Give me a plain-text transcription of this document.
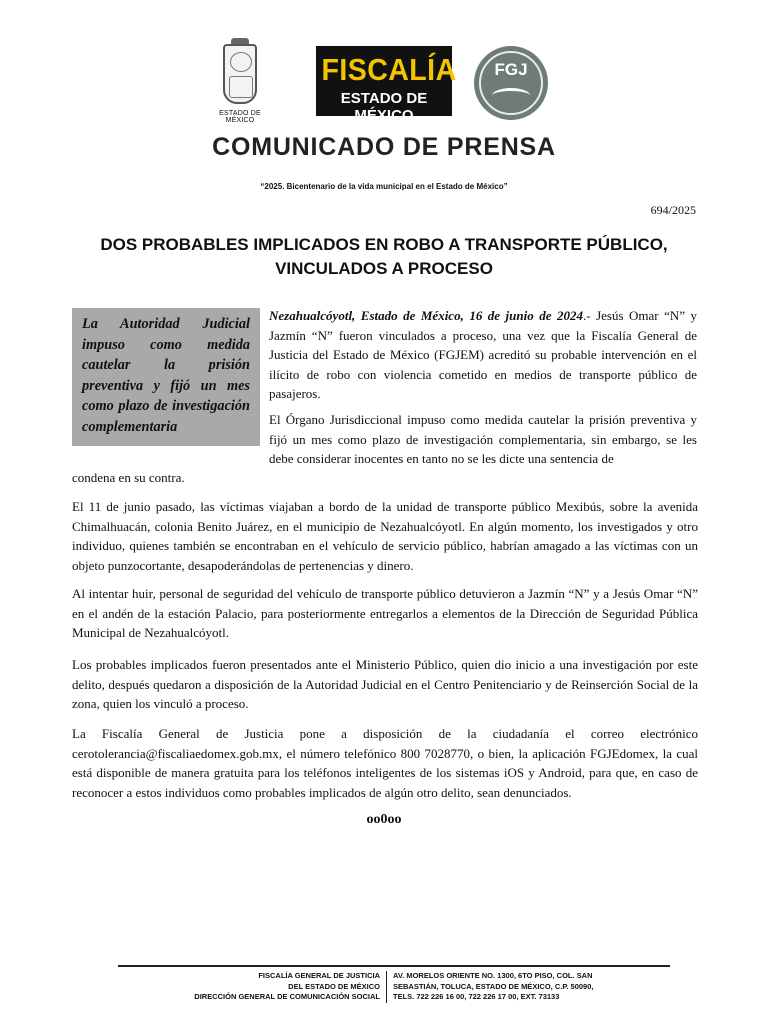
ESTADO DE MÉXICO
FISCALÍA
ESTADO DE MÉXICO
FGJ
COMUNICADO DE PRENSA
“2025. Bicentenario de la vida municipal en el Estado de México”
694/2025
DOS PROBABLES IMPLICADOS EN ROBO A TRANSPORTE PÚBLICO,
VINCULADOS A PROCESO
La Autoridad Judicial impuso como medida cautelar la prisión preventiva y fijó un mes como plazo de investigación complementaria
Nezahualcóyotl, Estado de México, 16 de junio de 2024.- Jesús Omar “N” y Jazmín “N” fueron vinculados a proceso, una vez que la Fiscalía General de Justicia del Estado de México (FGJEM) acreditó su probable intervención en el ilícito de robo con violencia cometido en medios de transporte público de pasajeros.
El Órgano Jurisdiccional impuso como medida cautelar la prisión preventiva y fijó un mes como plazo de investigación complementaria, sin embargo, se les debe considerar inocentes en tanto no se les dicte una sentencia de
condena en su contra.
El 11 de junio pasado, las víctimas viajaban a bordo de la unidad de transporte público Mexibús, sobre la avenida Chimalhuacán, colonia Benito Juárez, en el municipio de Nezahualcóyotl. En algún momento, los investigados y otro individuo, quienes también se encontraban en el vehículo de servicio público, habrían amagado a las víctimas con un objeto punzocortante, desapoderándolas de pertenencias y dinero.
Al intentar huir, personal de seguridad del vehículo de transporte público detuvieron a Jazmín “N” y a Jesús Omar “N” en el andén de la estación Palacio, para posteriormente entregarlos a elementos de la Dirección de Seguridad Pública Municipal de Nezahualcóyotl.
Los probables implicados fueron presentados ante el Ministerio Público, quien dio inicio a una investigación por este delito, después quedaron a disposición de la Autoridad Judicial en el Centro Penitenciario y de Reinserción Social de la zona, quien los vinculó a proceso.
La Fiscalía General de Justicia pone a disposición de la ciudadanía el correo electrónico cerotolerancia@fiscaliaedomex.gob.mx, el número telefónico 800 7028770, o bien, la aplicación FGJEdomex, la cual está disponible de manera gratuita para los teléfonos inteligentes de los sistemas iOS y Android, para que, en caso de reconocer a estos individuos como probables implicados de algún otro delito, sean denunciados.
oo0oo
FISCALÍA GENERAL DE JUSTICIA
DEL ESTADO DE MÉXICO
DIRECCIÓN GENERAL DE COMUNICACIÓN SOCIAL
AV. MORELOS ORIENTE NO. 1300, 6TO PISO, COL. SAN
SEBASTIÁN, TOLUCA, ESTADO DE MÉXICO, C.P. 50090,
TELS. 722 226 16 00, 722 226 17 00, EXT. 73133
